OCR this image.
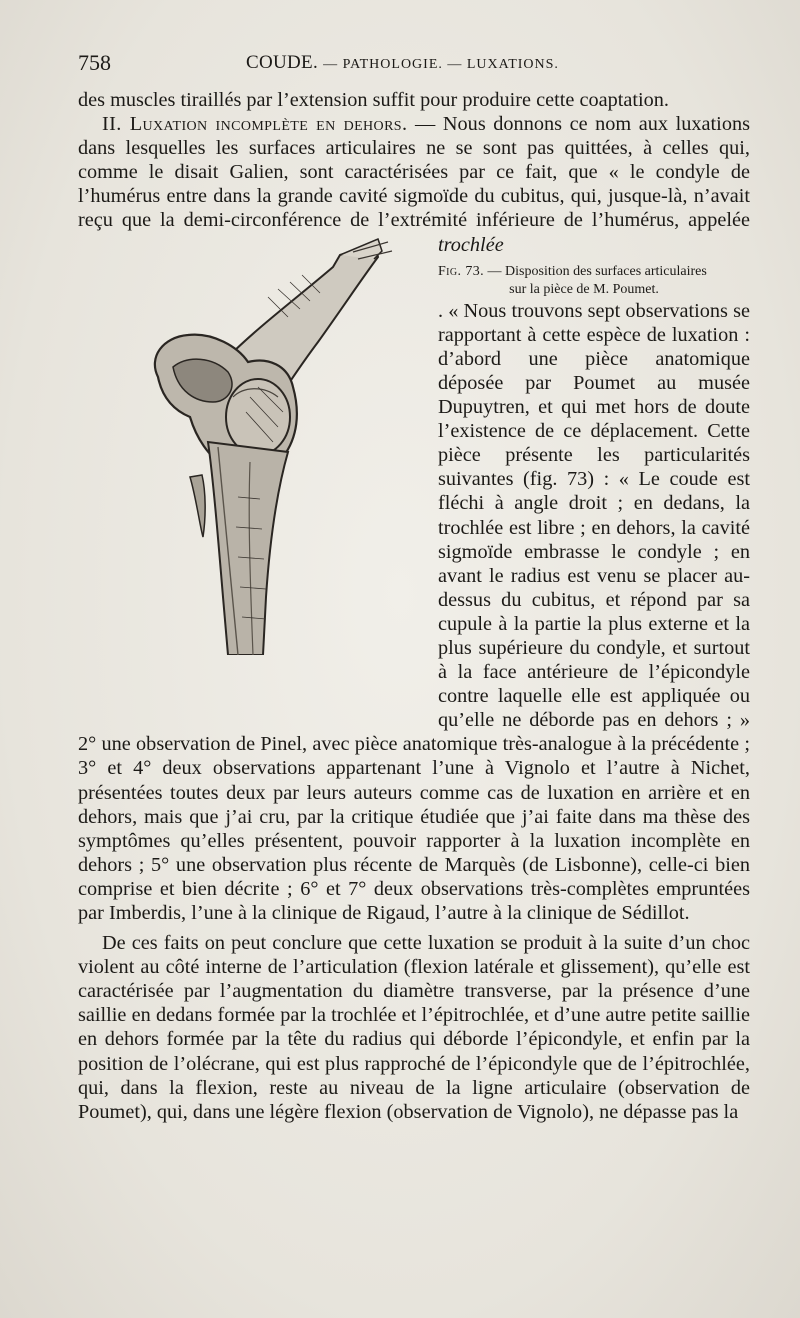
758	COUDE. — PATHOLOGIE. — LUXATIONS.

des muscles tiraillés par l’extension suffit pour produire cette coaptation.

II. Luxation incomplète en dehors. — Nous donnons ce nom aux luxations dans lesquelles les surfaces articulaires ne se sont pas quittées, à celles qui, comme le disait Galien, sont caractérisées par ce fait, que « le condyle de l’humérus entre dans la grande cavité sigmoïde du cubitus, qui, jusque-là, n’avait reçu que la demi-circonférence de l’extrémité inférieure de l’humérus, appelée trochlée

Fig. 73. — Disposition des surfaces articulaires
sur la pièce de M. Poumet.
. « Nous trouvons sept observations se rapportant à cette espèce de luxation : d’abord une pièce anatomique déposée par Poumet au musée Dupuytren, et qui met hors de doute l’existence de ce déplacement. Cette pièce présente les particularités suivantes (fig. 73) : « Le coude est fléchi à angle droit ; en dedans, la trochlée est libre ; en dehors, la cavité sigmoïde embrasse le condyle ; en avant le radius est venu se placer au-dessus du cubitus, et répond par sa cupule à la partie la plus externe et la plus supérieure du condyle, et surtout à la face antérieure de l’épicondyle contre laquelle elle est appliquée ou qu’elle ne déborde pas en dehors ; » 2° une observation de Pinel, avec pièce anatomique très-analogue à la précédente ; 3° et 4° deux observations appartenant l’une à Vignolo et l’autre à Nichet, présentées toutes deux par leurs auteurs comme cas de luxation en arrière et en dehors, mais que j’ai cru, par la critique étudiée que j’ai faite dans ma thèse des symptômes qu’elles présentent, pouvoir rapporter à la luxation incomplète en dehors ; 5° une observation plus récente de Marquès (de Lisbonne), celle-ci bien comprise et bien décrite ; 6° et 7° deux observations très-complètes empruntées par Imberdis, l’une à la clinique de Rigaud, l’autre à la clinique de Sédillot.

De ces faits on peut conclure que cette luxation se produit à la suite d’un choc violent au côté interne de l’articulation (flexion latérale et glissement), qu’elle est caractérisée par l’augmentation du diamètre transverse, par la présence d’une saillie en dedans formée par la trochlée et l’épitrochlée, et d’une autre petite saillie en dehors formée par la tête du radius qui déborde l’épicondyle, et enfin par la position de l’olécrane, qui est plus rapproché de l’épicondyle que de l’épitrochlée, qui, dans la flexion, reste au niveau de la ligne articulaire (observation de Poumet), qui, dans une légère flexion (observation de Vignolo), ne dépasse pas la
